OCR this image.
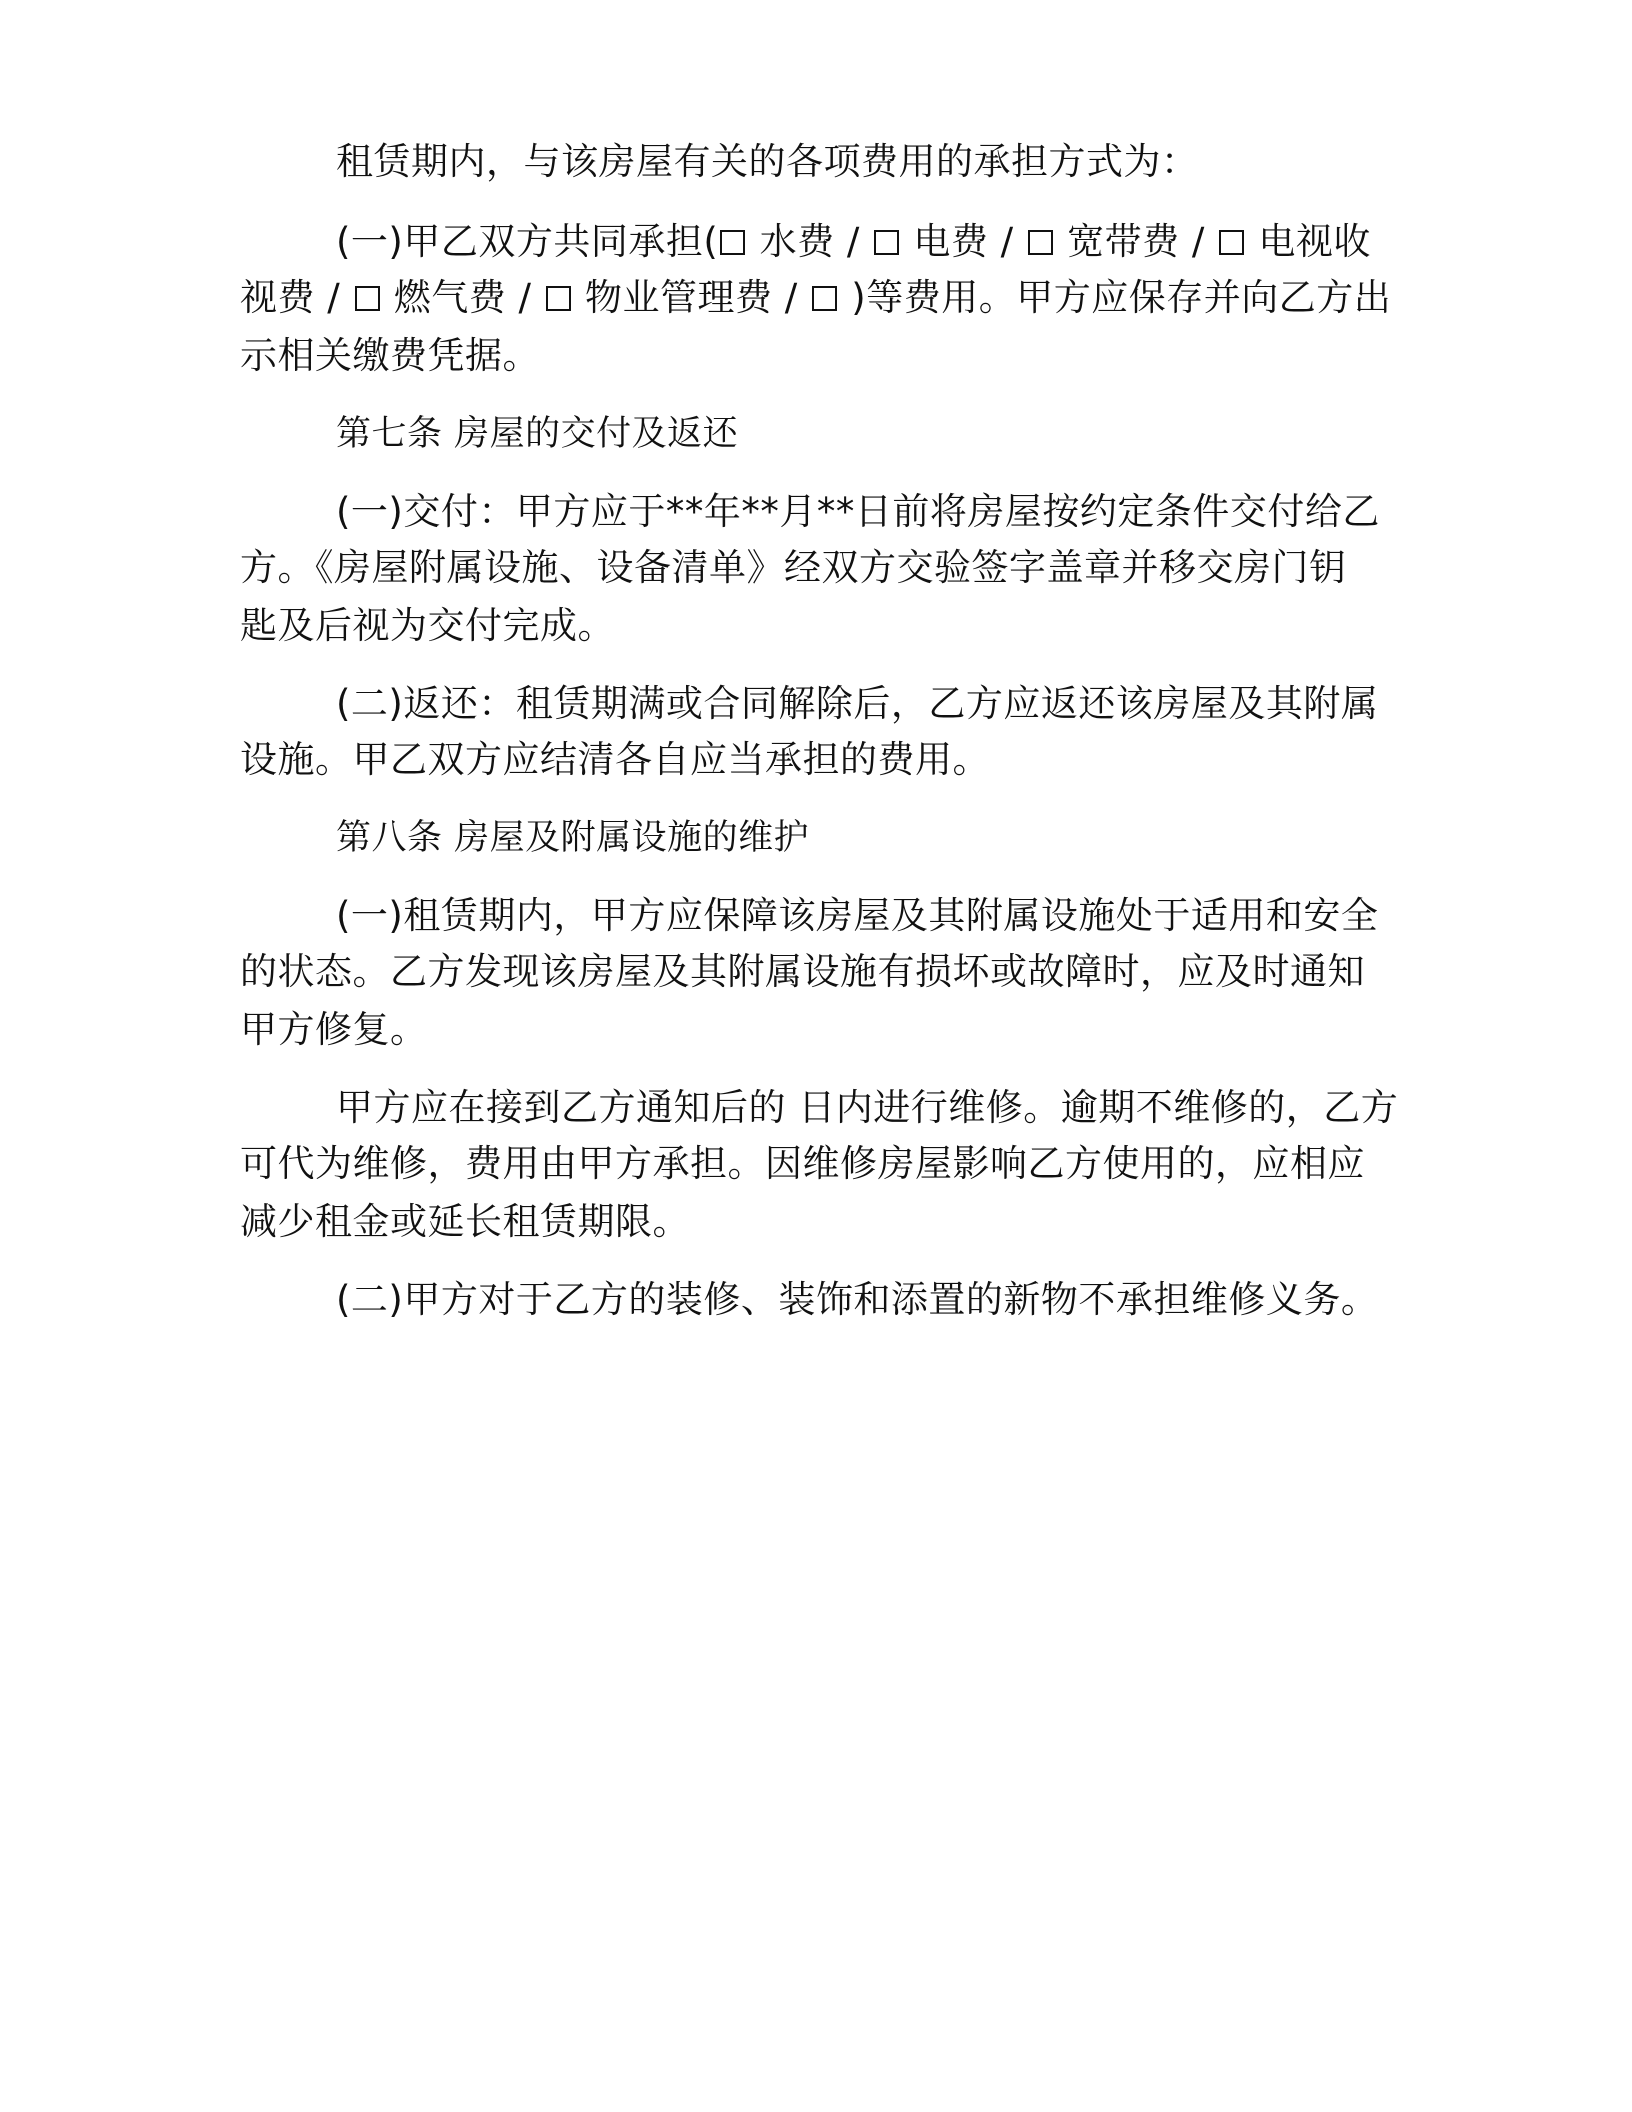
租赁期内，与该房屋有关的各项费用的承担方式为：
(一)甲乙双方共同承担( 水费 /  电费 /  宽带费 /  电视收
视费 /  燃气费 /  物业管理费 /  )等费用。甲方应保存并向乙方出
示相关缴费凭据。
第七条 房屋的交付及返还
(一)交付：甲方应于**年**月**日前将房屋按约定条件交付给乙
方。《房屋附属设施、设备清单》经双方交验签字盖章并移交房门钥
匙及后视为交付完成。
(二)返还：租赁期满或合同解除后，乙方应返还该房屋及其附属
设施。甲乙双方应结清各自应当承担的费用。
第八条 房屋及附属设施的维护
(一)租赁期内，甲方应保障该房屋及其附属设施处于适用和安全
的状态。乙方发现该房屋及其附属设施有损坏或故障时，应及时通知
甲方修复。
甲方应在接到乙方通知后的 日内进行维修。逾期不维修的，乙方
可代为维修，费用由甲方承担。因维修房屋影响乙方使用的，应相应
减少租金或延长租赁期限。
(二)甲方对于乙方的装修、装饰和添置的新物不承担维修义务。
